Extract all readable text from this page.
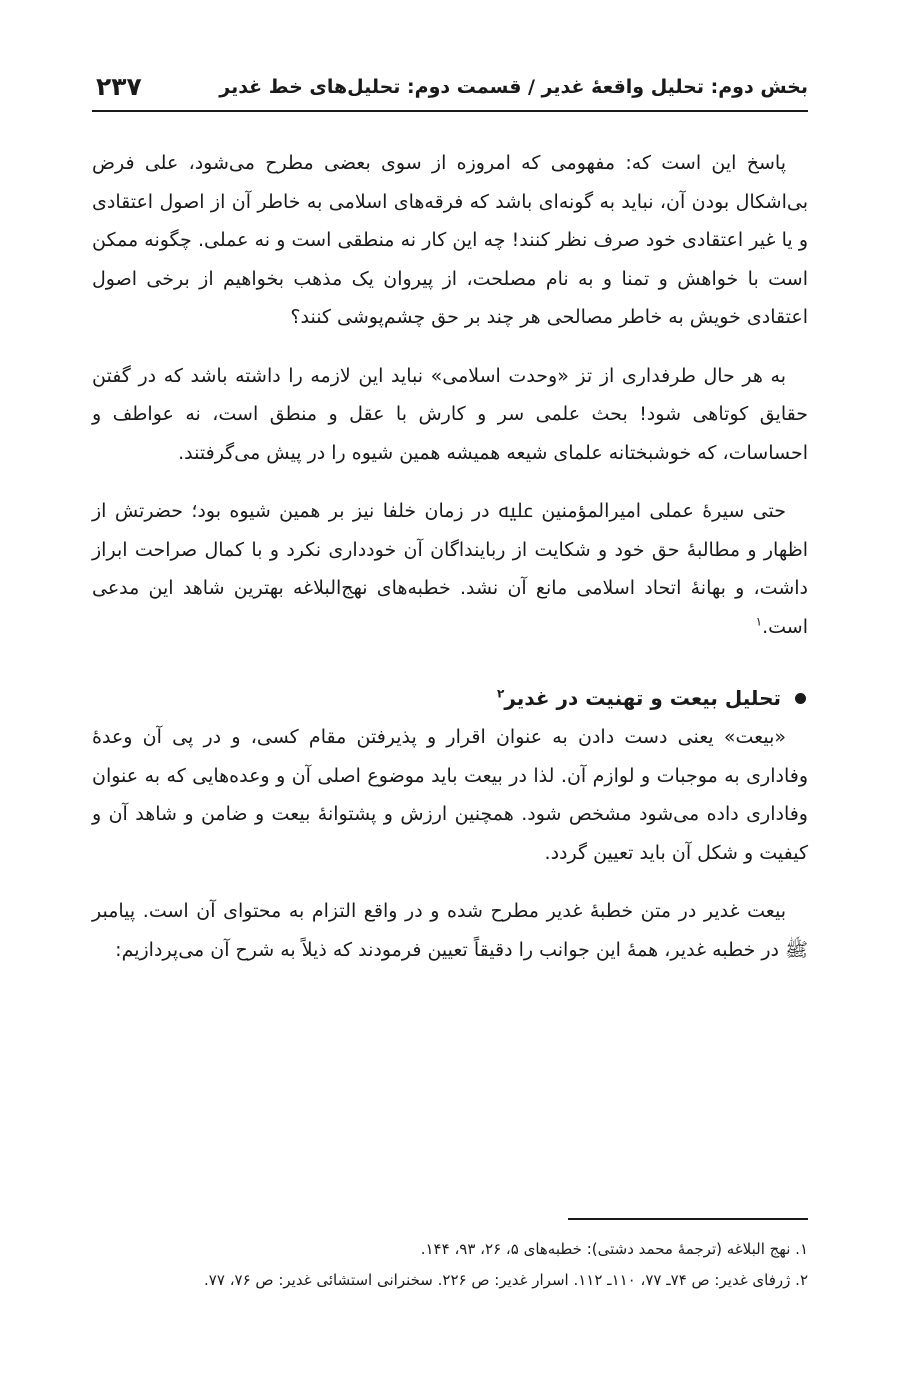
بخش دوم: تحلیل واقعهٔ غدیر / قسمت دوم: تحلیل‌های خط غدیر
۲۳۷

پاسخ این است که: مفهومی که امروزه از سوی بعضی مطرح می‌شود، علی فرض بی‌اشکال بودن آن، نباید به گونه‌ای باشد که فرقه‌های اسلامی به خاطر آن از اصول اعتقادی و یا غیر اعتقادی خود صرف نظر کنند! چه این کار نه منطقی است و نه عملی. چگونه ممکن است با خواهش و تمنا و به نام مصلحت، از پیروان یک مذهب بخواهیم از برخی اصول اعتقادی خویش به خاطر مصالحی هر چند بر حق چشم‌پوشی کنند؟

به هر حال طرفداری از تز «وحدت اسلامی» نباید این لازمه را داشته باشد که در گفتن حقایق کوتاهی شود! بحث علمی سر و کارش با عقل و منطق است، نه عواطف و احساسات، که خوشبختانه علمای شیعه همیشه همین شیوه را در پیش می‌گرفتند.

حتی سیرهٔ عملی امیرالمؤمنین ﷷ در زمان خلفا نیز بر همین شیوه بود؛ حضرتش از اظهار و مطالبهٔ حق خود و شکایت از رباینداگان آن خودداری نکرد و با کمال صراحت ابراز داشت، و بهانهٔ اتحاد اسلامی مانع آن نشد. خطبه‌های نهج‌البلاغه بهترین شاهد این مدعی است.$^۱$

تحلیل بیعت و تهنیت در غدیر$^۲$

«بیعت» یعنی دست دادن به عنوان اقرار و پذیرفتن مقام کسی، و در پی آن وعدهٔ وفاداری به موجبات و لوازم آن. لذا در بیعت باید موضوع اصلی آن و وعده‌هایی که به عنوان وفاداری داده می‌شود مشخص شود. همچنین ارزش و پشتوانهٔ بیعت و ضامن و شاهد آن و کیفیت و شکل آن باید تعیین گردد.

بیعت غدیر در متن خطبهٔ غدیر مطرح شده و در واقع التزام به محتوای آن است. پیامبر ﷺ در خطبه غدیر، همهٔ این جوانب را دقیقاً تعیین فرمودند که ذیلاً به شرح آن می‌پردازیم:

۱. نهج البلاغه (ترجمهٔ محمد دشتی): خطبه‌های ۵، ۲۶، ۹۳، ۱۴۴.

۲. ژرفای غدیر: ص ۷۴ـ ۷۷، ۱۱۰ـ ۱۱۲. اسرار غدیر: ص ۲۲۶. سخنرانی استشائی غدیر: ص ۷۶، ۷۷.
